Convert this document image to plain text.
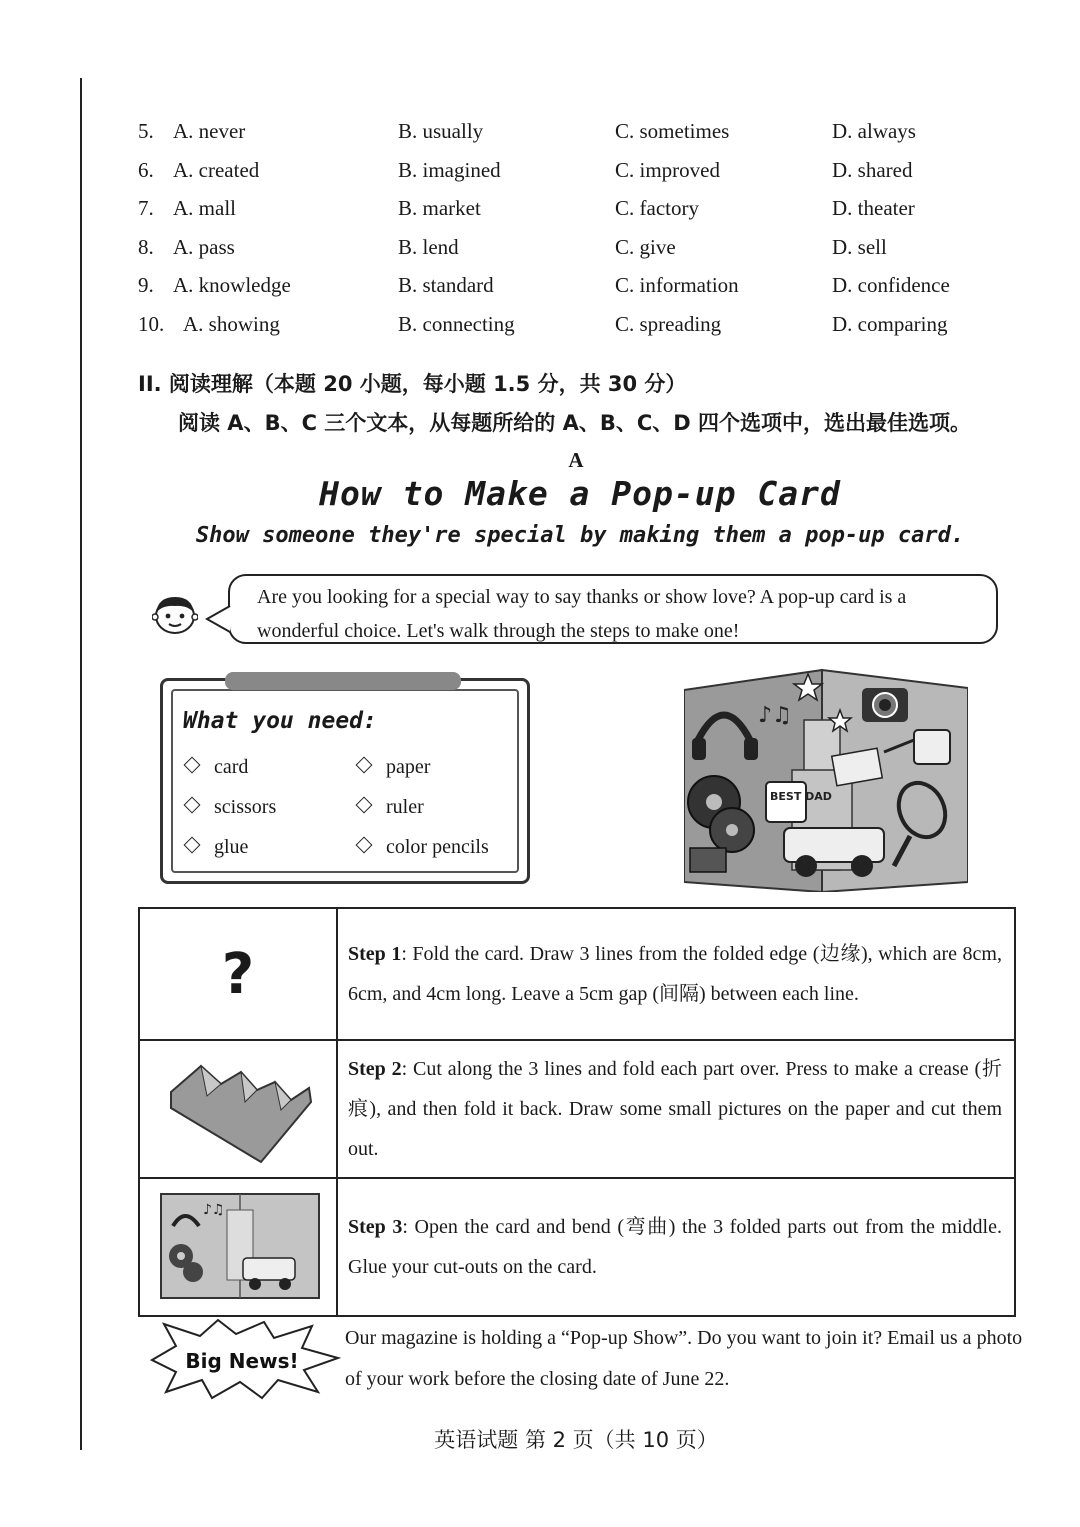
5. A. never	B. usually	C. sometimes	D. always
6. A. created	B. imagined	C. improved	D. shared
7. A. mall	B. market	C. factory	D. theater
8. A. pass	B. lend	C. give	D. sell
9. A. knowledge	B. standard	C. information	D. confidence
10. A. showing	B. connecting	C. spreading	D. comparing
II. 阅读理解（本题 20 小题，每小题 1.5 分，共 30 分）
阅读 A、B、C 三个文本，从每题所给的 A、B、C、D 四个选项中，选出最佳选项。
A
How to Make a Pop-up Card
Show someone they're special by making them a pop-up card.
Are you looking for a special way to say thanks or show love? A pop-up card is a wonderful choice. Let's walk through the steps to make one!
What you need:
card	paper
scissors	ruler
glue	color pencils
♪♫
BEST DAD
?	Step 1: Fold the card. Draw 3 lines from the folded edge (边缘), which are 8cm, 6cm, and 4cm long. Leave a 5cm gap (间隔) between each line.
	Step 2: Cut along the 3 lines and fold each part over. Press to make a crease (折痕), and then fold it back. Draw some small pictures on the paper and cut them out.

♪♫	Step 3: Open the card and bend (弯曲) the 3 folded parts out from the middle. Glue your cut-outs on the card.
Big News!
Our magazine is holding a “Pop-up Show”. Do you want to join it? Email us a photo of your work before the closing date of June 22.
英语试题 第 2 页（共 10 页）
